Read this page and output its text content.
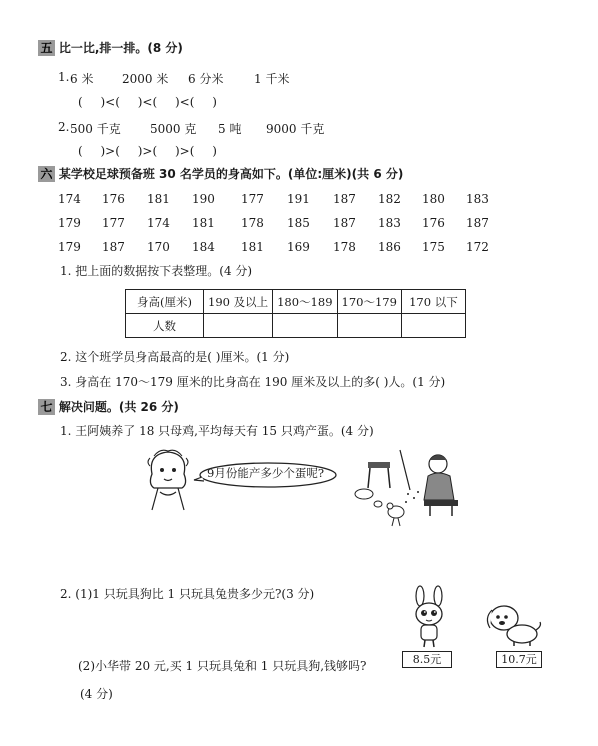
五 比一比,排一排。(8 分)
1. 6 米 2000 米 6 分米	1 千米
( )<( )<( )<( )
2. 500 千克 5000 克 5 吨 9000 千克
( )>( )>( )>( )
六 某学校足球预备班 30 名学员的身高如下。(单位:厘米)(共 6 分)
174 176 181 190 177 191 187 182 180 183
179 177 174 181 178 185 187 183 176 187
179 187 170 184 181 169 178 186 175 172
1. 把上面的数据按下表整理。(4 分)
身高(厘米)	190 及以上	180～189	170～179	170 以下
人数				
2. 这个班学员身高最高的是( )厘米。(1 分)
3. 身高在 170～179 厘米的比身高在 190 厘米及以上的多( )人。(1 分)
七 解决问题。(共 26 分)
1. 王阿姨养了 18 只母鸡,平均每天有 15 只鸡产蛋。(4 分)
9月份能产多少个蛋呢?
2. (1)1 只玩具狗比 1 只玩具兔贵多少元?(3 分)
(2)小华带 20 元,买 1 只玩具兔和 1 只玩具狗,钱够吗?
(4 分)
8.5元	10.7元
